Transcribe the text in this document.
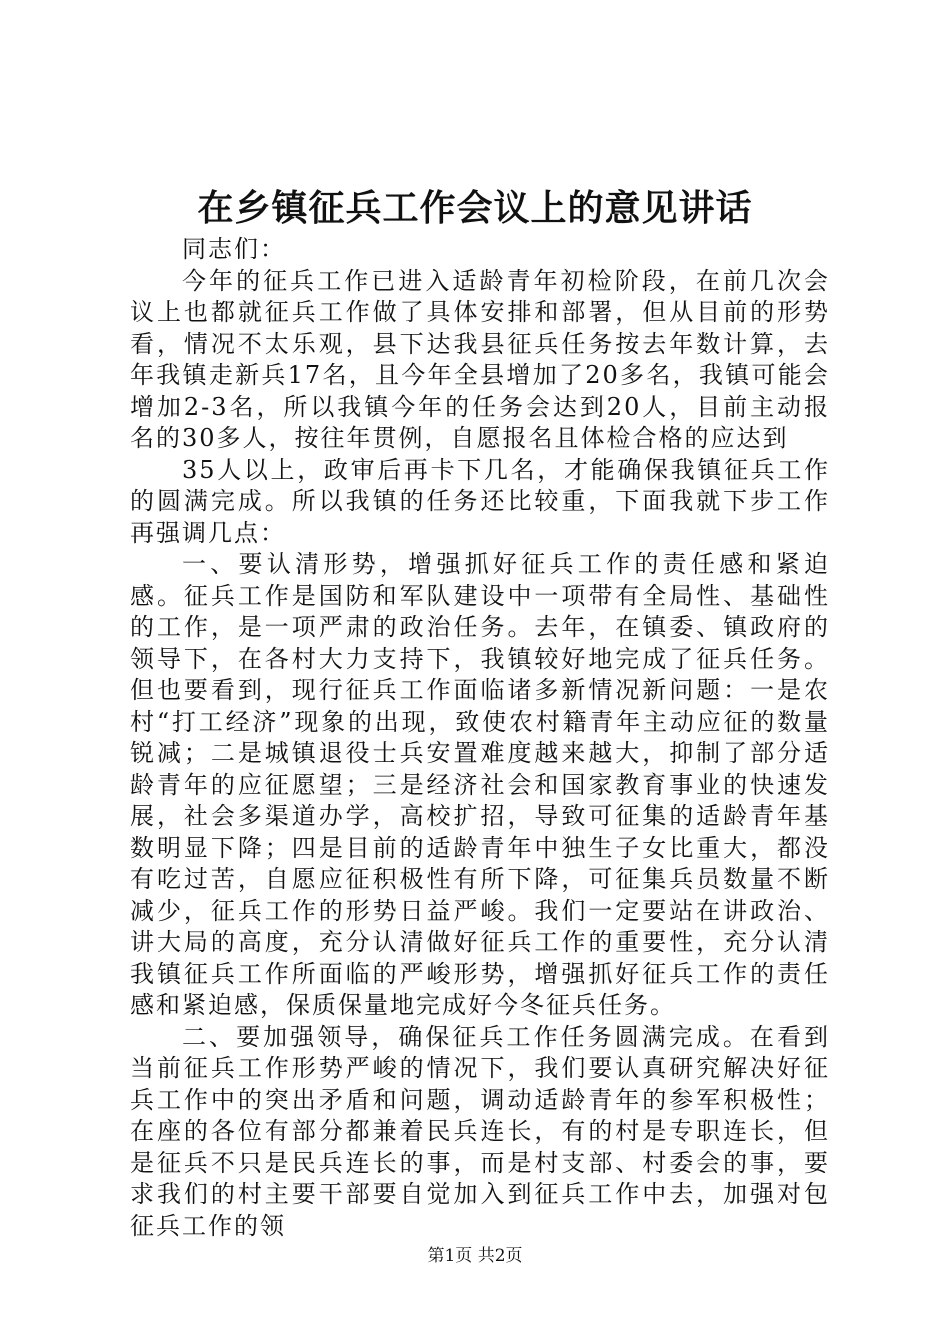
在乡镇征兵工作会议上的意见讲话

同志们：

今年的征兵工作已进入适龄青年初检阶段，在前几次会议上也都就征兵工作做了具体安排和部署，但从目前的形势看，情况不太乐观，县下达我县征兵任务按去年数计算，去年我镇走新兵17名，且今年全县增加了20多名，我镇可能会增加2-3名，所以我镇今年的任务会达到20人，目前主动报名的30多人，按往年贯例，自愿报名且体检合格的应达到

35人以上，政审后再卡下几名，才能确保我镇征兵工作的圆满完成。所以我镇的任务还比较重，下面我就下步工作再强调几点：

一、要认清形势，增强抓好征兵工作的责任感和紧迫感。征兵工作是国防和军队建设中一项带有全局性、基础性的工作，是一项严肃的政治任务。去年，在镇委、镇政府的领导下，在各村大力支持下，我镇较好地完成了征兵任务。但也要看到，现行征兵工作面临诸多新情况新问题：一是农村“打工经济”现象的出现，致使农村籍青年主动应征的数量锐减；二是城镇退役士兵安置难度越来越大，抑制了部分适龄青年的应征愿望；三是经济社会和国家教育事业的快速发展，社会多渠道办学，高校扩招，导致可征集的适龄青年基数明显下降；四是目前的适龄青年中独生子女比重大，都没有吃过苦，自愿应征积极性有所下降，可征集兵员数量不断减少，征兵工作的形势日益严峻。我们一定要站在讲政治、讲大局的高度，充分认清做好征兵工作的重要性，充分认清我镇征兵工作所面临的严峻形势，增强抓好征兵工作的责任感和紧迫感，保质保量地完成好今冬征兵任务。

二、要加强领导，确保征兵工作任务圆满完成。在看到当前征兵工作形势严峻的情况下，我们要认真研究解决好征兵工作中的突出矛盾和问题，调动适龄青年的参军积极性；在座的各位有部分都兼着民兵连长，有的村是专职连长，但是征兵不只是民兵连长的事，而是村支部、村委会的事，要求我们的村主要干部要自觉加入到征兵工作中去，加强对包征兵工作的领

第1页 共2页
